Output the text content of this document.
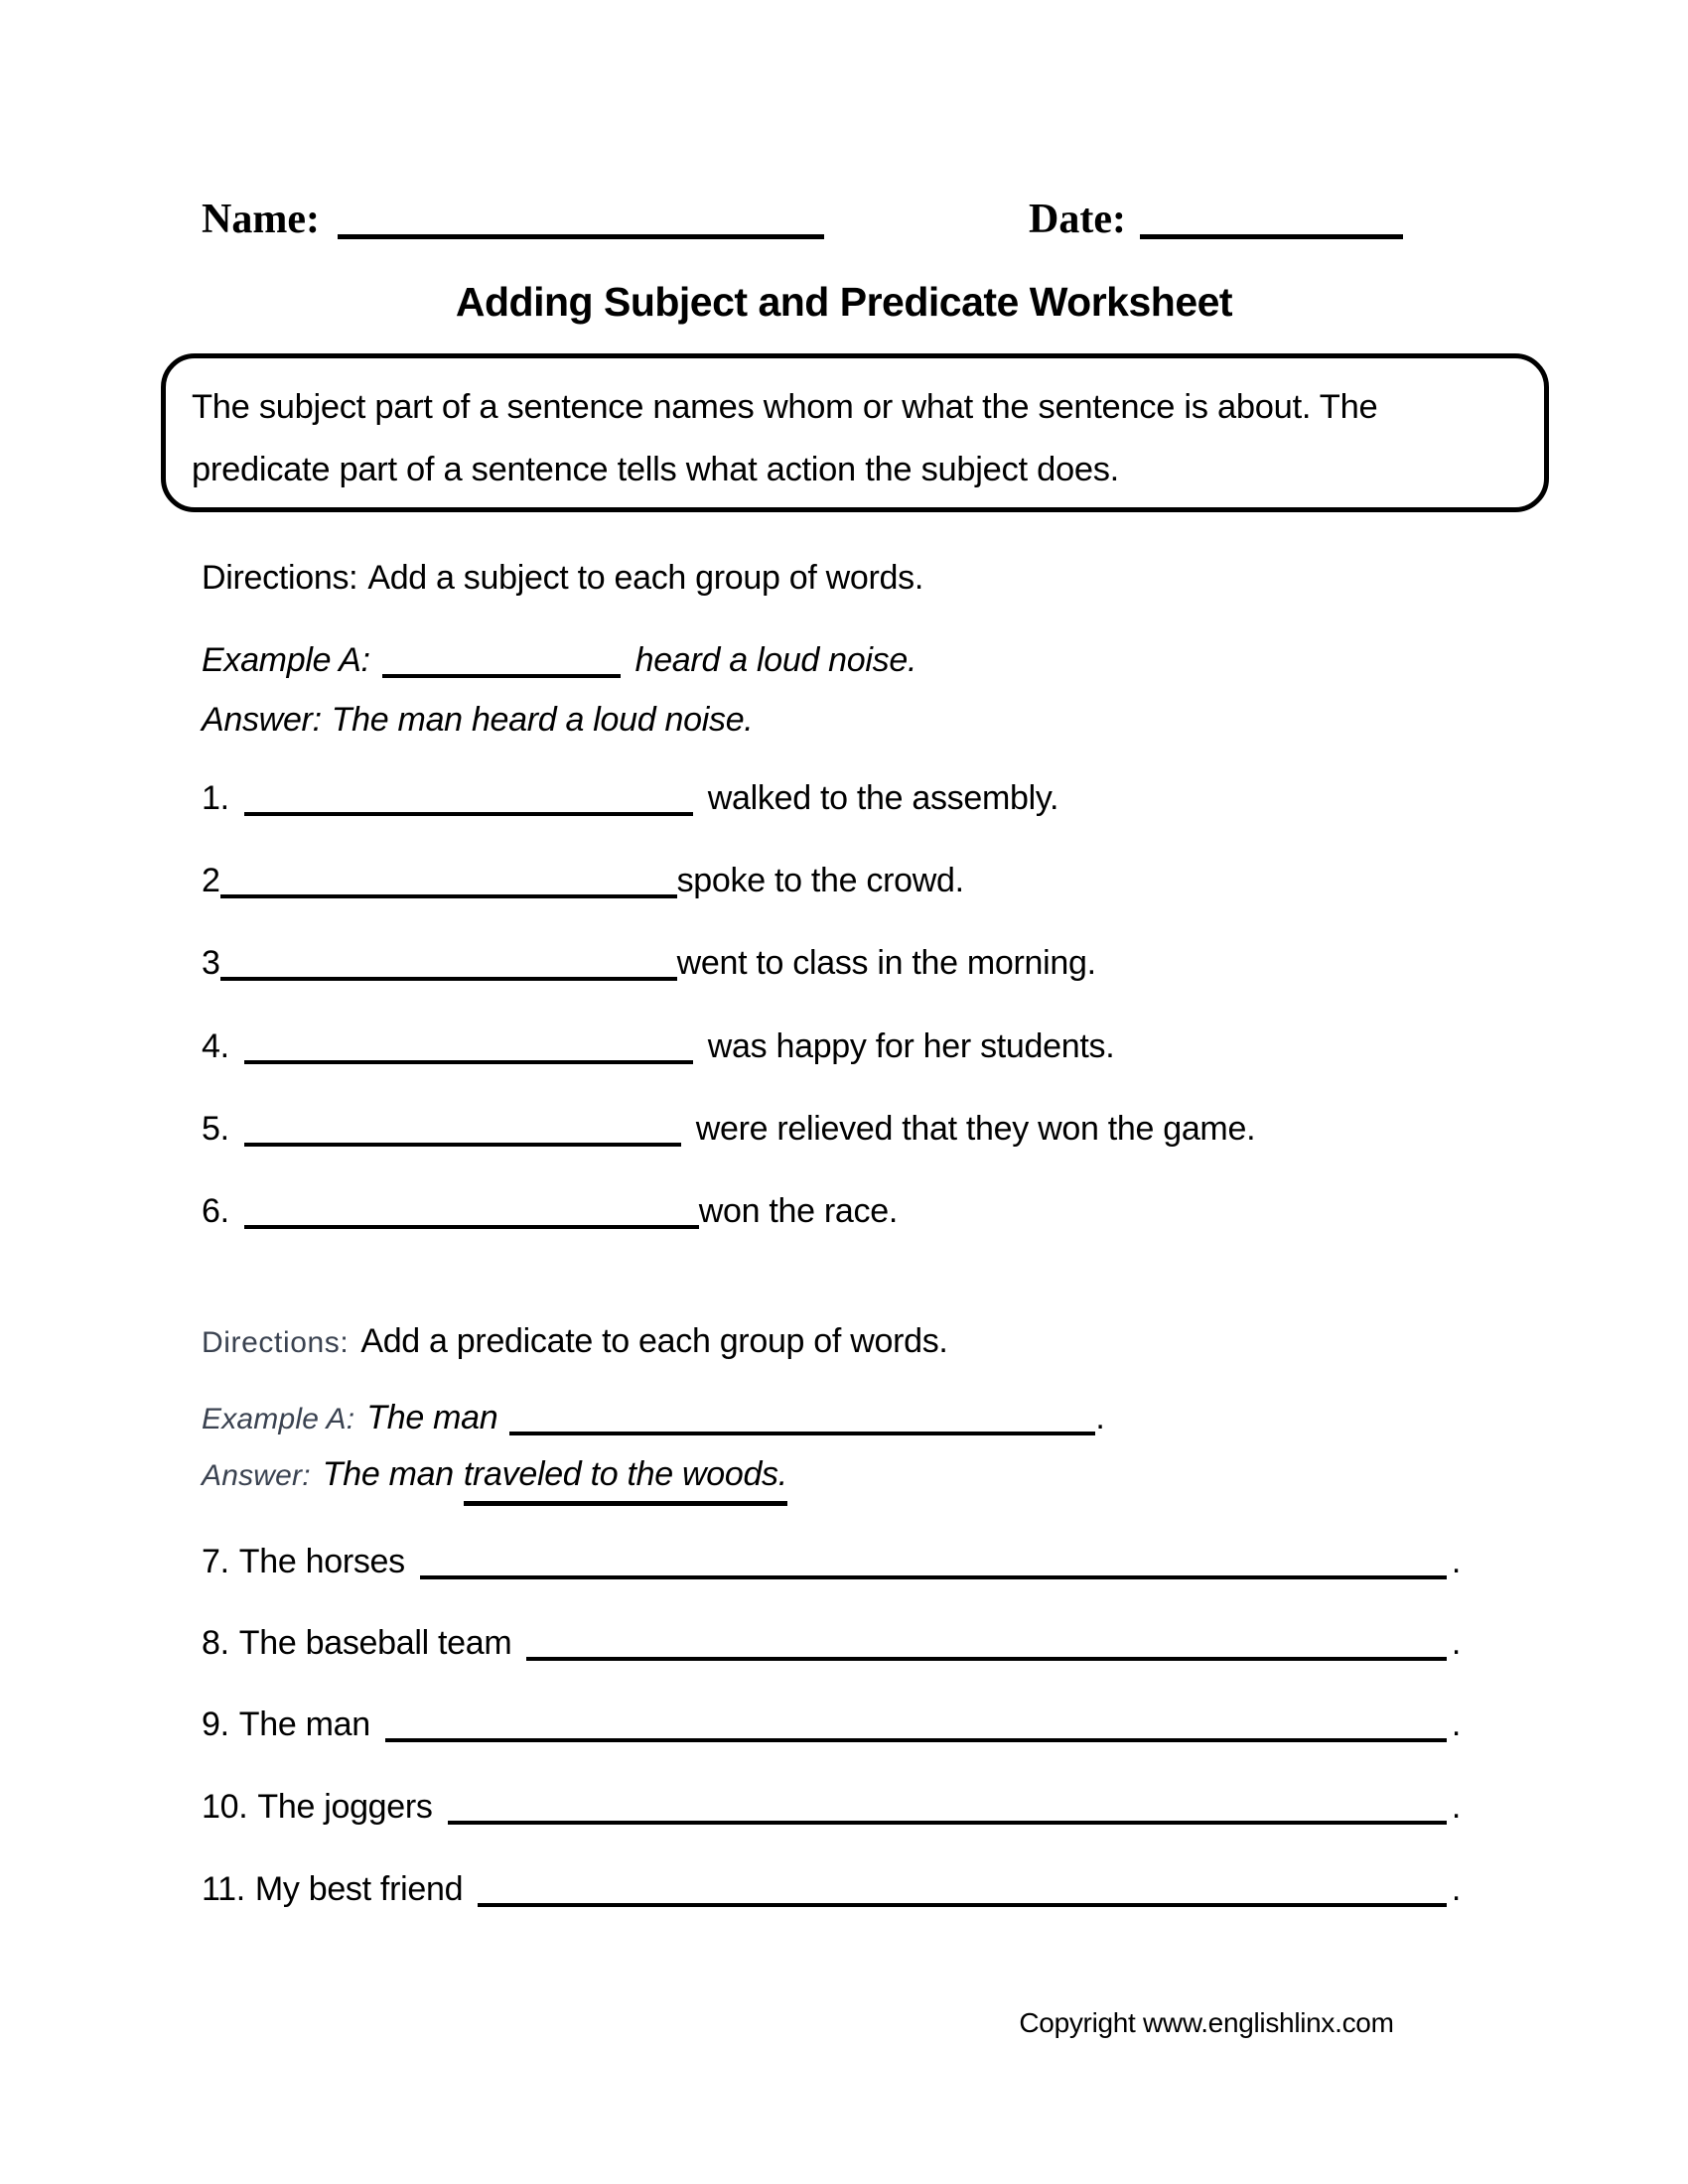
Name:	Date:
Adding Subject and Predicate Worksheet
The subject part of a sentence names whom or what the sentence is about. The predicate part of a sentence tells what action the subject does.
Directions: Add a subject to each group of words.
Example A:	heard a loud noise.
Answer: The man heard a loud noise.
1.	walked to the assembly.
2	spoke to the crowd.
3	went to class in the morning.
4.	was happy for her students.
5.	were relieved that they won the game.
6.	won the race.
Directions: Add a predicate to each group of words.
Example A: The man	.
Answer: The man traveled to the woods.
7. The horses	.
8. The baseball team	.
9. The man	.
10. The joggers	.
11. My best friend	.
Copyright www.englishlinx.com
